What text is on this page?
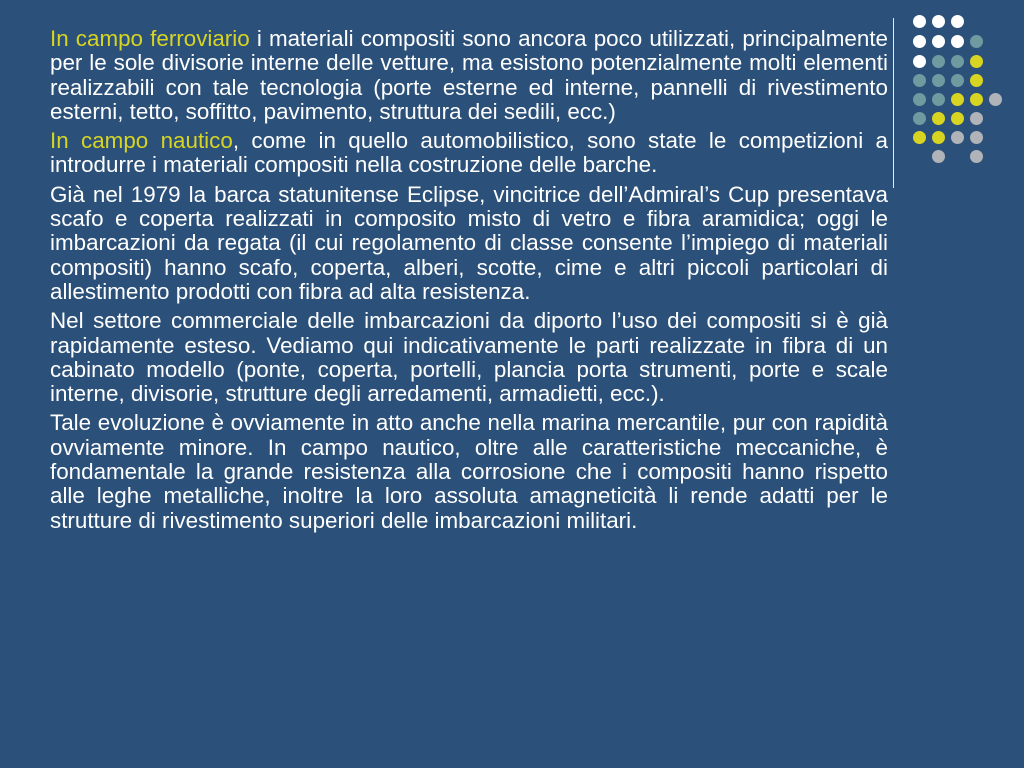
In campo ferroviario i materiali compositi sono ancora poco utilizzati, principalmente per le sole divisorie interne delle vetture, ma esistono potenzialmente molti elementi realizzabili con tale tecnologia (porte esterne ed interne, pannelli di rivestimento esterni, tetto, soffitto, pavimento, struttura dei sedili, ecc.)

In campo nautico, come in quello automobilistico, sono state le competizioni a introdurre i materiali compositi nella costruzione delle barche.

Già nel 1979 la barca statunitense Eclipse, vincitrice dell’Admiral’s Cup presentava scafo e coperta realizzati in composito misto di vetro e fibra aramidica; oggi le imbarcazioni da regata (il cui regolamento di classe consente l’impiego di materiali compositi) hanno scafo, coperta, alberi, scotte, cime e altri piccoli particolari di allestimento prodotti con fibra ad alta resistenza.

Nel settore commerciale delle imbarcazioni da diporto l’uso dei compositi si è già rapidamente esteso. Vediamo qui indicativamente le parti realizzate in fibra di un cabinato modello (ponte, coperta, portelli, plancia porta strumenti, porte e scale interne, divisorie, strutture degli arredamenti, armadietti, ecc.).

Tale evoluzione è ovviamente in atto anche nella marina mercantile, pur con rapidità ovviamente minore. In campo nautico, oltre alle caratteristiche meccaniche, è fondamentale la grande resistenza alla corrosione che i compositi hanno rispetto alle leghe metalliche, inoltre la loro assoluta amagneticità li rende adatti per le strutture di rivestimento superiori delle imbarcazioni militari.
